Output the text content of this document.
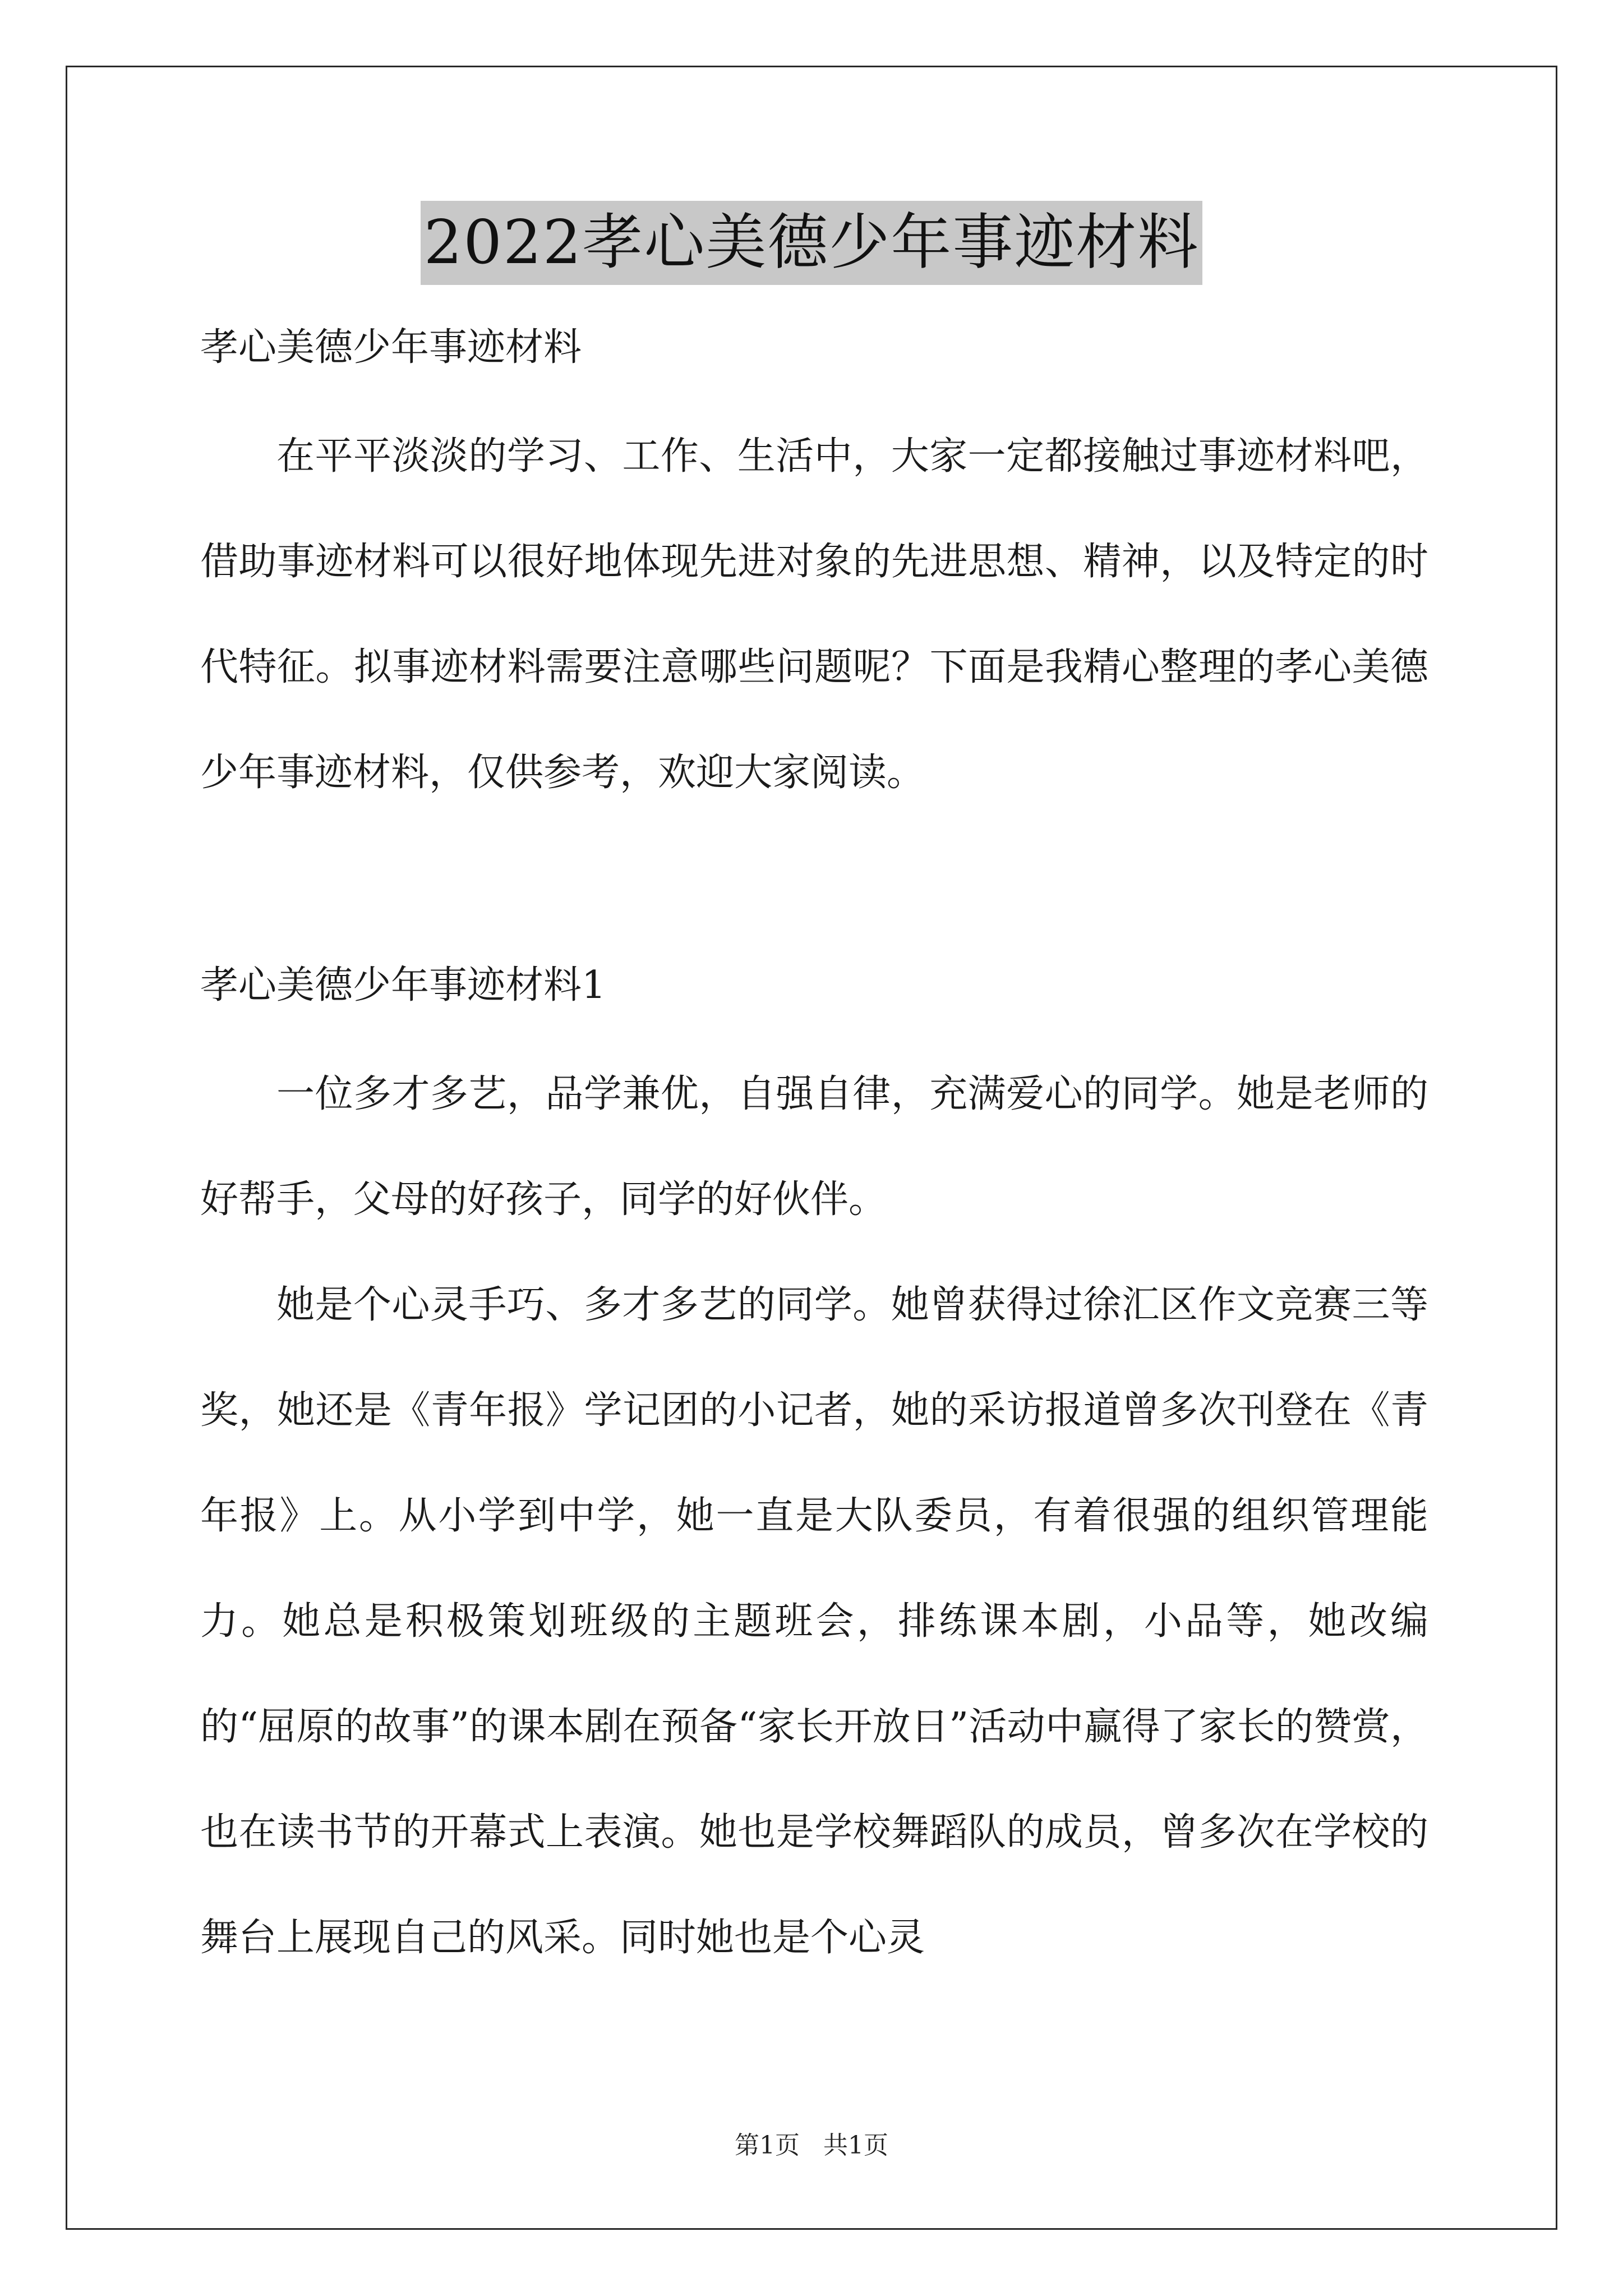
2022孝心美德少年事迹材料

孝心美德少年事迹材料

在平平淡淡的学习、工作、生活中，大家一定都接触过事迹材料吧，借助事迹材料可以很好地体现先进对象的先进思想、精神，以及特定的时代特征。拟事迹材料需要注意哪些问题呢？下面是我精心整理的孝心美德少年事迹材料，仅供参考，欢迎大家阅读。

孝心美德少年事迹材料1

一位多才多艺，品学兼优，自强自律，充满爱心的同学。她是老师的好帮手，父母的好孩子，同学的好伙伴。

她是个心灵手巧、多才多艺的同学。她曾获得过徐汇区作文竞赛三等奖，她还是《青年报》学记团的小记者，她的采访报道曾多次刊登在《青年报》上。从小学到中学，她一直是大队委员，有着很强的组织管理能力。她总是积极策划班级的主题班会，排练课本剧，小品等，她改编的“屈原的故事”的课本剧在预备“家长开放日”活动中赢得了家长的赞赏，也在读书节的开幕式上表演。她也是学校舞蹈队的成员，曾多次在学校的舞台上展现自己的风采。同时她也是个心灵

第1页   共1页
